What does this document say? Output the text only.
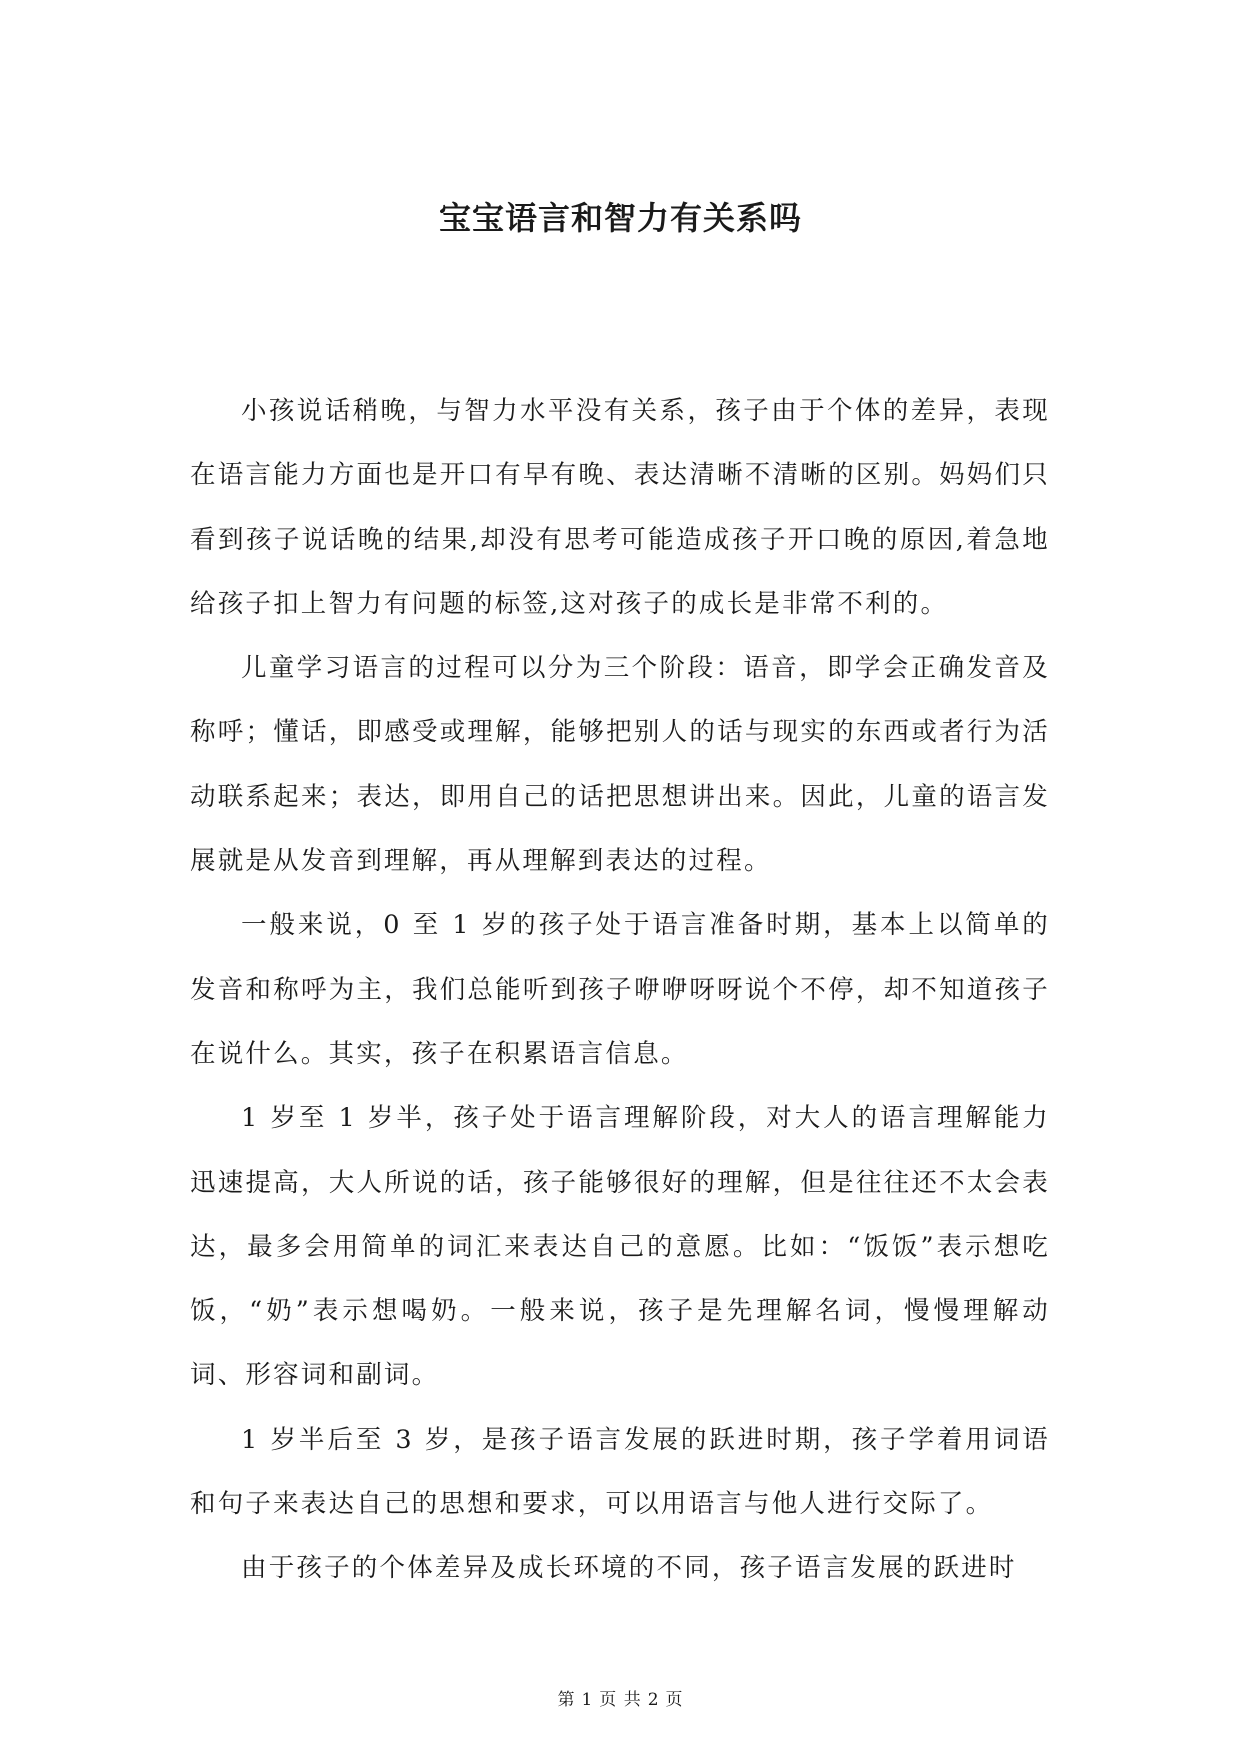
宝宝语言和智力有关系吗

小孩说话稍晚，与智力水平没有关系，孩子由于个体的差异，表现在语言能力方面也是开口有早有晚、表达清晰不清晰的区别。妈妈们只看到孩子说话晚的结果,却没有思考可能造成孩子开口晚的原因,着急地给孩子扣上智力有问题的标签,这对孩子的成长是非常不利的。

儿童学习语言的过程可以分为三个阶段：语音，即学会正确发音及称呼；懂话，即感受或理解，能够把别人的话与现实的东西或者行为活动联系起来；表达，即用自己的话把思想讲出来。因此，儿童的语言发展就是从发音到理解，再从理解到表达的过程。

一般来说，0 至 1 岁的孩子处于语言准备时期，基本上以简单的发音和称呼为主，我们总能听到孩子咿咿呀呀说个不停，却不知道孩子在说什么。其实，孩子在积累语言信息。

1 岁至 1 岁半，孩子处于语言理解阶段，对大人的语言理解能力迅速提高，大人所说的话，孩子能够很好的理解，但是往往还不太会表达，最多会用简单的词汇来表达自己的意愿。比如：“饭饭”表示想吃饭，“奶”表示想喝奶。一般来说，孩子是先理解名词，慢慢理解动词、形容词和副词。

1 岁半后至 3 岁，是孩子语言发展的跃进时期，孩子学着用词语和句子来表达自己的思想和要求，可以用语言与他人进行交际了。

由于孩子的个体差异及成长环境的不同，孩子语言发展的跃进时

第 1 页 共 2 页
